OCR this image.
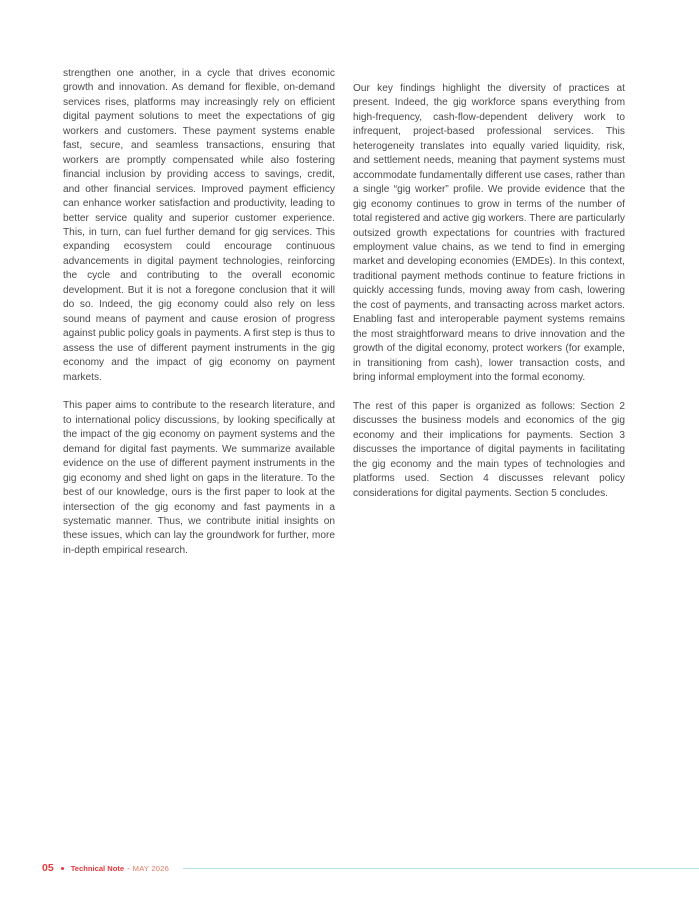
strengthen one another, in a cycle that drives economic growth and innovation. As demand for flexible, on-demand services rises, platforms may increasingly rely on efficient digital payment solutions to meet the expectations of gig workers and customers. These payment systems enable fast, secure, and seamless transactions, ensuring that workers are promptly compensated while also fostering financial inclusion by providing access to savings, credit, and other financial services. Improved payment efficiency can enhance worker satisfaction and productivity, leading to better service quality and superior customer experience. This, in turn, can fuel further demand for gig services. This expanding ecosystem could encourage continuous advancements in digital payment technologies, reinforcing the cycle and contributing to the overall economic development. But it is not a foregone conclusion that it will do so. Indeed, the gig economy could also rely on less sound means of payment and cause erosion of progress against public policy goals in payments. A first step is thus to assess the use of different payment instruments in the gig economy and the impact of gig economy on payment markets.

This paper aims to contribute to the research literature, and to international policy discussions, by looking specifically at the impact of the gig economy on payment systems and the demand for digital fast payments. We summarize available evidence on the use of different payment instruments in the gig economy and shed light on gaps in the literature. To the best of our knowledge, ours is the first paper to look at the intersection of the gig economy and fast payments in a systematic manner. Thus, we contribute initial insights on these issues, which can lay the groundwork for further, more in-depth empirical research.

Our key findings highlight the diversity of practices at present. Indeed, the gig workforce spans everything from high-frequency, cash-flow-dependent delivery work to infrequent, project-based professional services. This heterogeneity translates into equally varied liquidity, risk, and settlement needs, meaning that payment systems must accommodate fundamentally different use cases, rather than a single “gig worker” profile. We provide evidence that the gig economy continues to grow in terms of the number of total registered and active gig workers. There are particularly outsized growth expectations for countries with fractured employment value chains, as we tend to find in emerging market and developing economies (EMDEs). In this context, traditional payment methods continue to feature frictions in quickly accessing funds, moving away from cash, lowering the cost of payments, and transacting across market actors. Enabling fast and interoperable payment systems remains the most straightforward means to drive innovation and the growth of the digital economy, protect workers (for example, in transitioning from cash), lower transaction costs, and bring informal employment into the formal economy.

The rest of this paper is organized as follows: Section 2 discusses the business models and economics of the gig economy and their implications for payments. Section 3 discusses the importance of digital payments in facilitating the gig economy and the main types of technologies and platforms used. Section 4 discusses relevant policy considerations for digital payments. Section 5 concludes.

05 Technical Note - MAY 2026
